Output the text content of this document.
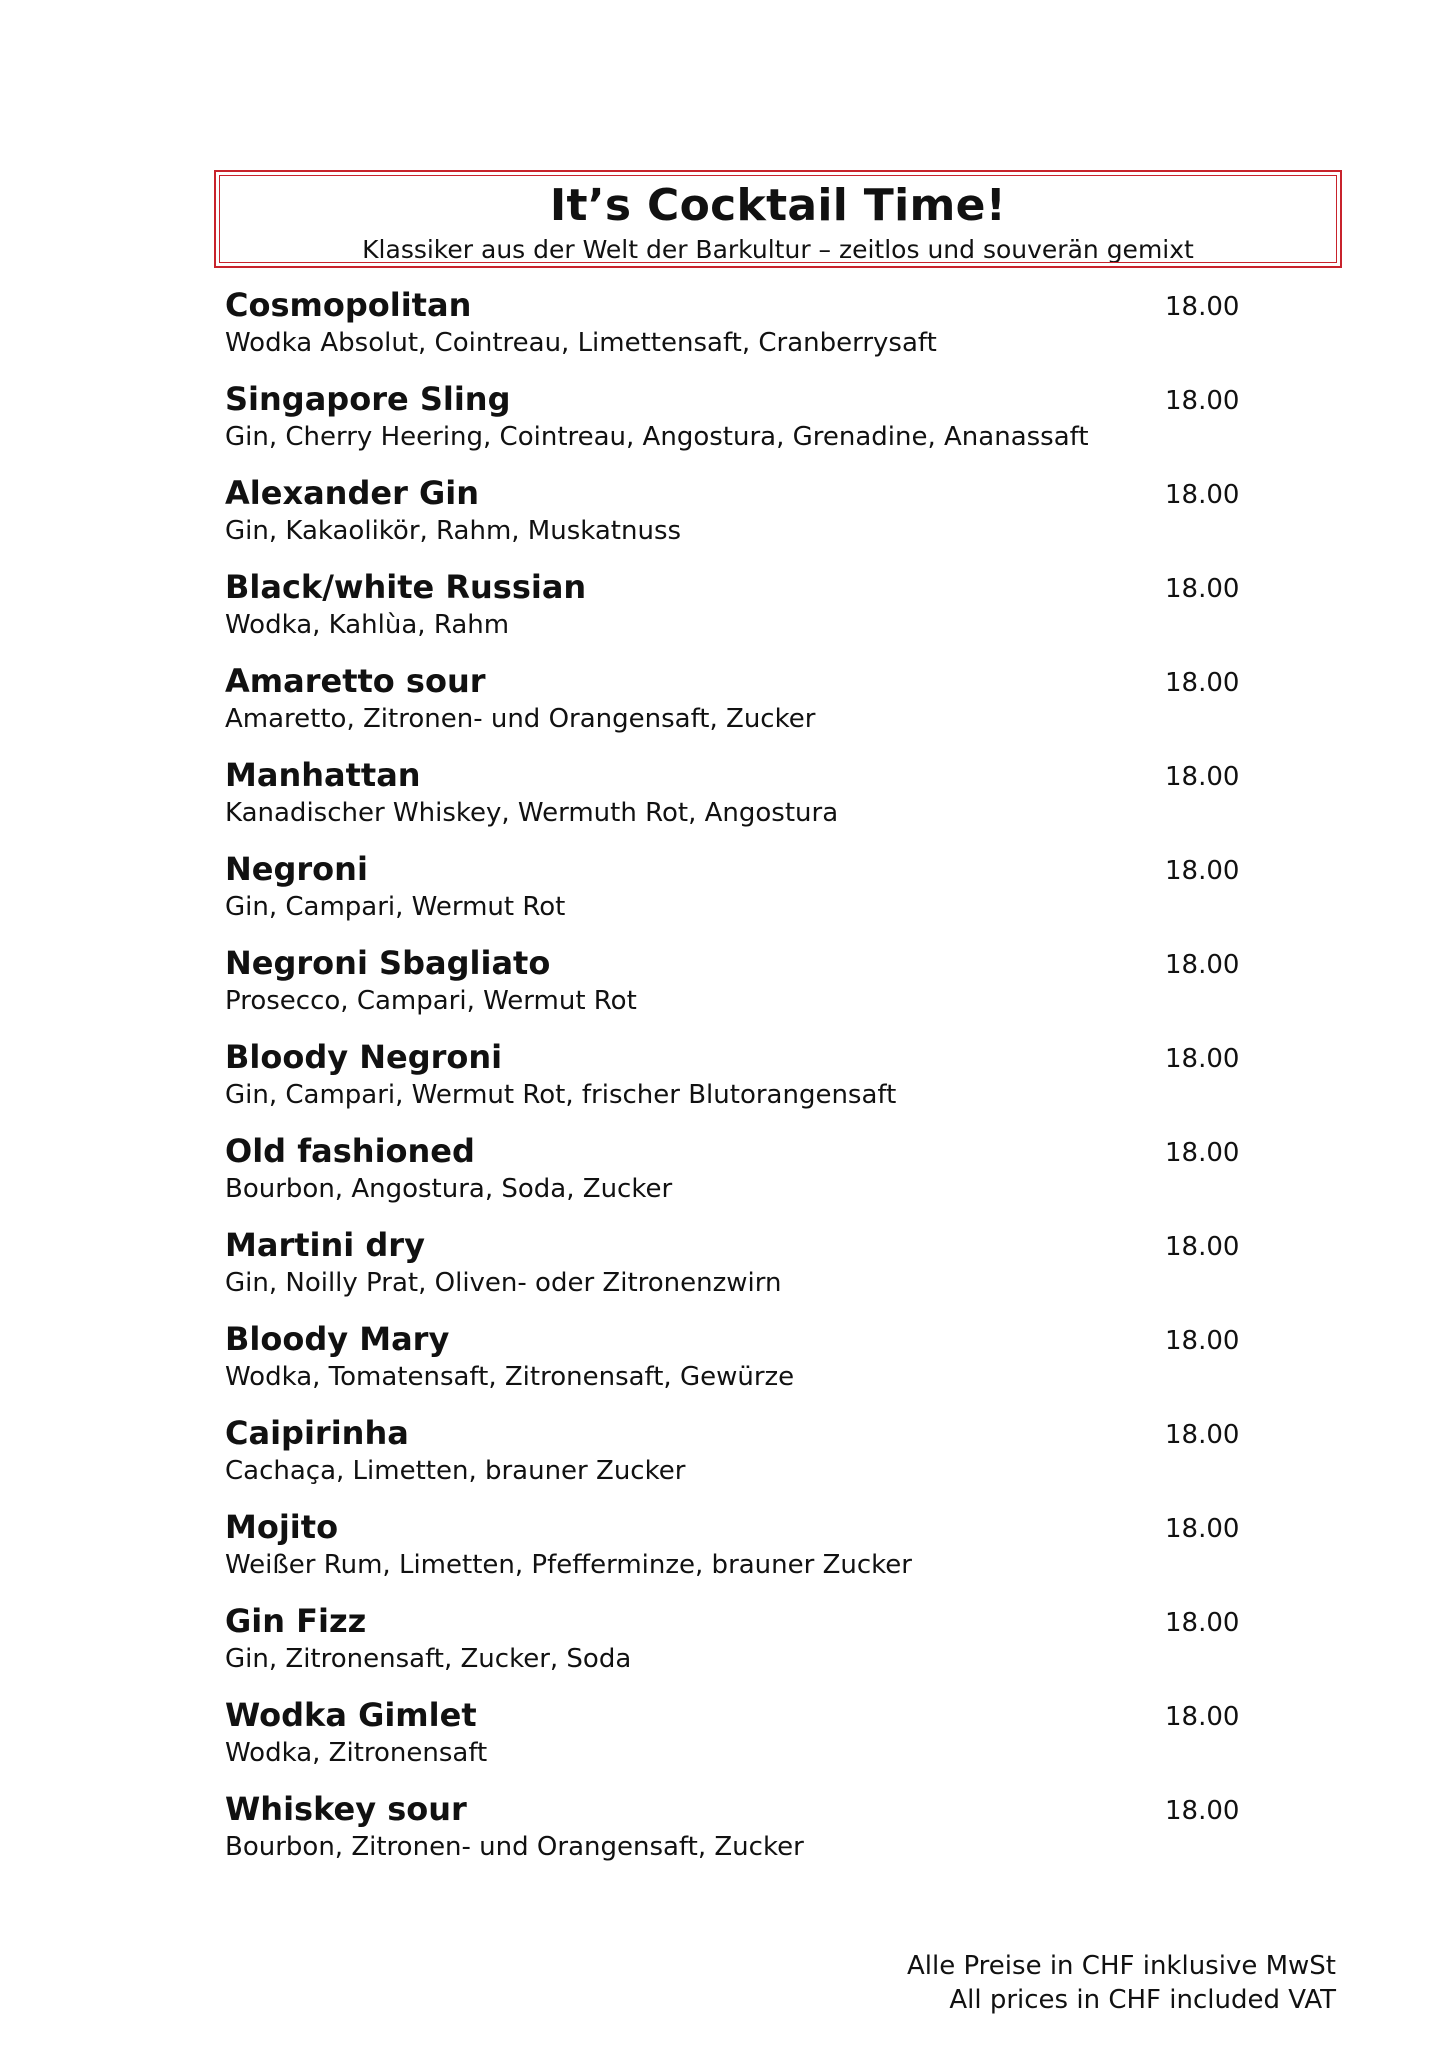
It’s Cocktail Time!
Klassiker aus der Welt der Barkultur – zeitlos und souverän gemixt
Cosmopolitan	18.00
Wodka Absolut, Cointreau, Limettensaft, Cranberrysaft
Singapore Sling	18.00
Gin, Cherry Heering, Cointreau, Angostura, Grenadine, Ananassaft
Alexander Gin	18.00
Gin, Kakaolikör, Rahm, Muskatnuss
Black/white Russian	18.00
Wodka, Kahlùa, Rahm
Amaretto sour	18.00
Amaretto, Zitronen- und Orangensaft, Zucker
Manhattan	18.00
Kanadischer Whiskey, Wermuth Rot, Angostura
Negroni	18.00
Gin, Campari, Wermut Rot
Negroni Sbagliato	18.00
Prosecco, Campari, Wermut Rot
Bloody Negroni	18.00
Gin, Campari, Wermut Rot, frischer Blutorangensaft
Old fashioned	18.00
Bourbon, Angostura, Soda, Zucker
Martini dry	18.00
Gin, Noilly Prat, Oliven- oder Zitronenzwirn
Bloody Mary	18.00
Wodka, Tomatensaft, Zitronensaft, Gewürze
Caipirinha	18.00
Cachaça, Limetten, brauner Zucker
Mojito	18.00
Weißer Rum, Limetten, Pfefferminze, brauner Zucker
Gin Fizz	18.00
Gin, Zitronensaft, Zucker, Soda
Wodka Gimlet	18.00
Wodka, Zitronensaft
Whiskey sour	18.00
Bourbon, Zitronen- und Orangensaft, Zucker
Alle Preise in CHF inklusive MwSt
All prices in CHF included VAT
